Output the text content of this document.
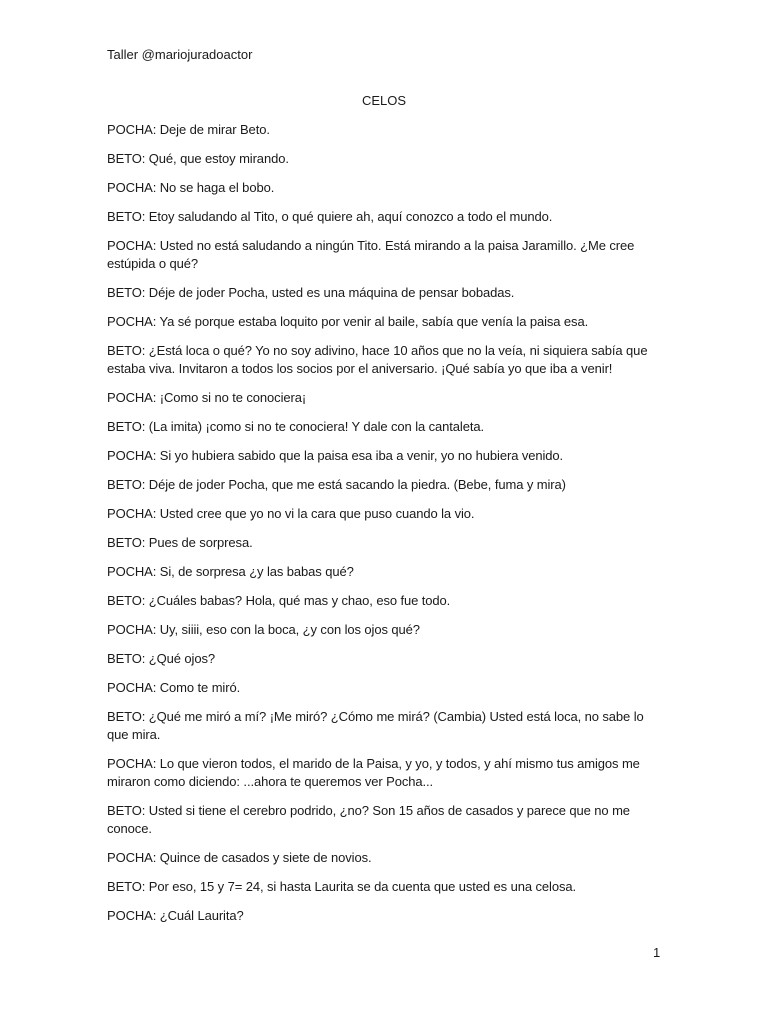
Taller @mariojuradoactor
CELOS

POCHA: Deje de mirar Beto.

BETO: Qué, que estoy mirando.

POCHA: No se haga el bobo.

BETO: Etoy saludando al Tito, o qué quiere ah, aquí conozco a todo el mundo.

POCHA: Usted no está saludando a ningún Tito. Está mirando a la paisa Jaramillo. ¿Me cree estúpida o qué?

BETO: Déje de joder Pocha, usted es una máquina de pensar bobadas.

POCHA: Ya sé porque estaba loquito por venir al baile, sabía que venía la paisa esa.

BETO: ¿Está loca o qué? Yo no soy adivino, hace 10 años que no la veía, ni siquiera sabía que estaba viva. Invitaron a todos los socios por el aniversario. ¡Qué sabía yo que iba a venir!

POCHA: ¡Como si no te conociera¡

BETO: (La imita) ¡como si no te conociera! Y dale con la cantaleta.

POCHA: Si yo hubiera sabido que la paisa esa iba a venir, yo no hubiera venido.

BETO: Déje de joder Pocha, que me está sacando la piedra. (Bebe, fuma y mira)

POCHA: Usted cree que yo no vi la cara que puso cuando la vio.

BETO: Pues de sorpresa.

POCHA: Si, de sorpresa ¿y las babas qué?

BETO: ¿Cuáles babas? Hola, qué mas y chao, eso fue todo.

POCHA: Uy, siiii, eso con la boca, ¿y con los ojos qué?

BETO: ¿Qué ojos?

POCHA: Como te miró.

BETO: ¿Qué me miró a mí? ¡Me miró? ¿Cómo me mirá? (Cambia) Usted está loca, no sabe lo que mira.

POCHA: Lo que vieron todos, el marido de la Paisa, y yo, y todos, y ahí mismo tus amigos me miraron como diciendo: ...ahora te queremos ver Pocha...

BETO: Usted si tiene el cerebro podrido, ¿no? Son 15 años de casados y parece que no me conoce.

POCHA: Quince de casados y siete de novios.

BETO: Por eso, 15 y 7= 24, si hasta Laurita se da cuenta que usted es una celosa.

POCHA: ¿Cuál Laurita?

1
